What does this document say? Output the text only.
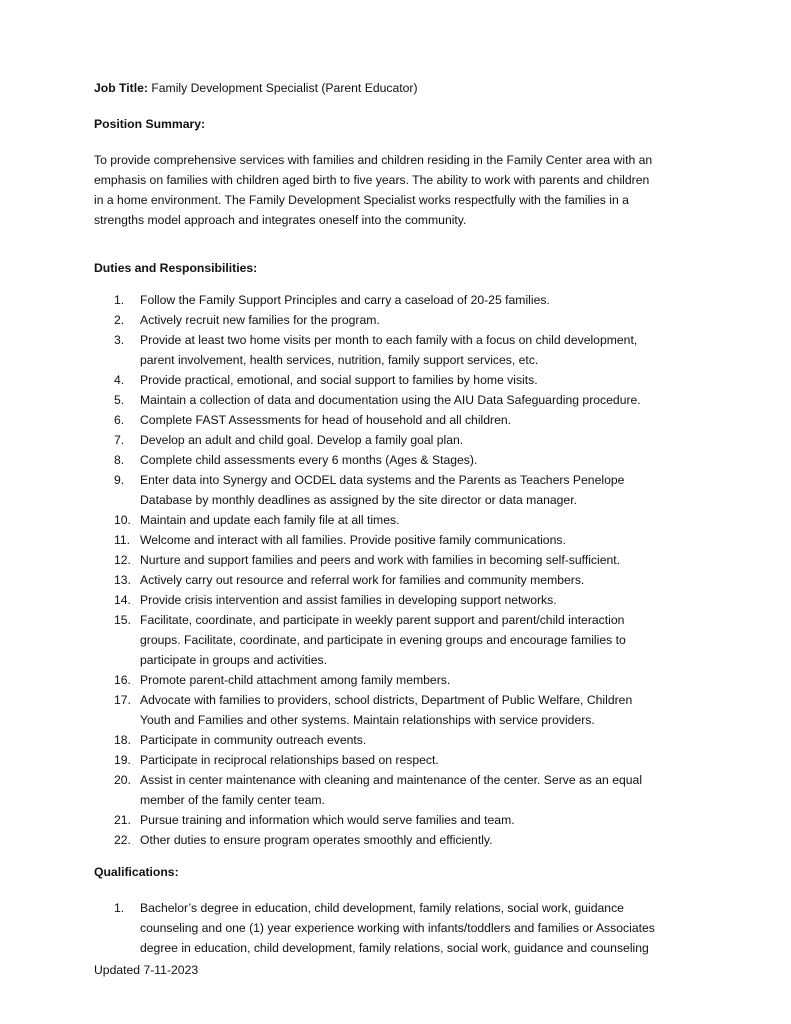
Job Title: Family Development Specialist (Parent Educator)
Position Summary:
To provide comprehensive services with families and children residing in the Family Center area with an
emphasis on families with children aged birth to five years. The ability to work with parents and children
in a home environment. The Family Development Specialist works respectfully with the families in a
strengths model approach and integrates oneself into the community.
Duties and Responsibilities:
1.	Follow the Family Support Principles and carry a caseload of 20-25 families.
2.	Actively recruit new families for the program.
3.	Provide at least two home visits per month to each family with a focus on child development,
parent involvement, health services, nutrition, family support services, etc.
4.	Provide practical, emotional, and social support to families by home visits.
5.	Maintain a collection of data and documentation using the AIU Data Safeguarding procedure.
6.	Complete FAST Assessments for head of household and all children.
7.	Develop an adult and child goal. Develop a family goal plan.
8.	Complete child assessments every 6 months (Ages & Stages).
9.	Enter data into Synergy and OCDEL data systems and the Parents as Teachers Penelope
Database by monthly deadlines as assigned by the site director or data manager.
10. Maintain and update each family file at all times.
11. Welcome and interact with all families. Provide positive family communications.
12. Nurture and support families and peers and work with families in becoming self-sufficient.
13. Actively carry out resource and referral work for families and community members.
14. Provide crisis intervention and assist families in developing support networks.
15. Facilitate, coordinate, and participate in weekly parent support and parent/child interaction
groups. Facilitate, coordinate, and participate in evening groups and encourage families to
participate in groups and activities.
16. Promote parent-child attachment among family members.
17. Advocate with families to providers, school districts, Department of Public Welfare, Children
Youth and Families and other systems. Maintain relationships with service providers.
18. Participate in community outreach events.
19. Participate in reciprocal relationships based on respect.
20. Assist in center maintenance with cleaning and maintenance of the center. Serve as an equal
member of the family center team.
21. Pursue training and information which would serve families and team.
22. Other duties to ensure program operates smoothly and efficiently.
Qualifications:
1.	Bachelor’s degree in education, child development, family relations, social work, guidance
counseling and one (1) year experience working with infants/toddlers and families or Associates
degree in education, child development, family relations, social work, guidance and counseling
Updated 7-11-2023
